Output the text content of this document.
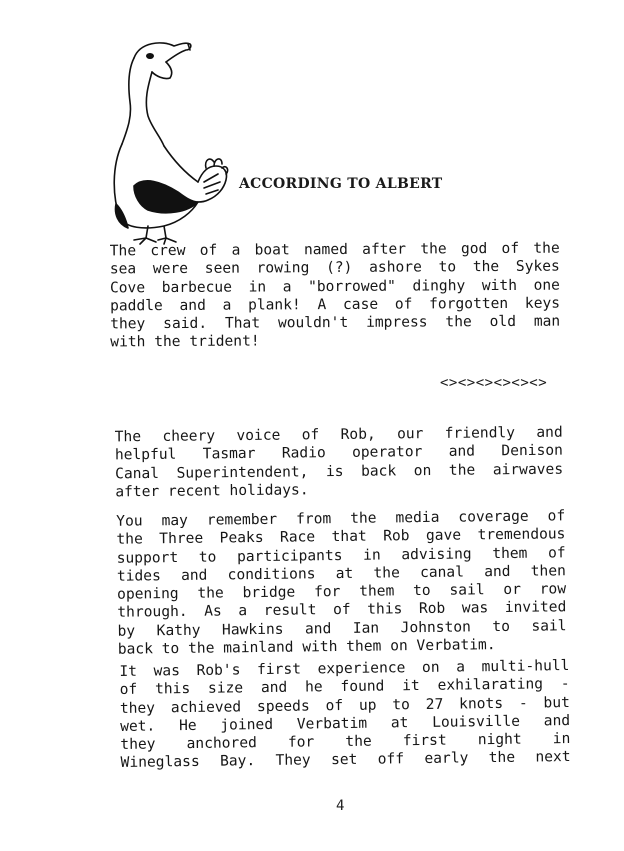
ACCORDING TO ALBERT

The crew of a boat named after the god of the
sea were seen rowing (?) ashore to the Sykes
Cove barbecue in a "borrowed" dinghy with one
paddle and a plank! A case of forgotten keys
they said. That wouldn't impress the old man
with the trident!

<><><><><><>

The cheery voice of Rob, our friendly and
helpful Tasmar Radio operator and Denison
Canal Superintendent, is back on the airwaves
after recent holidays.

You may remember from the media coverage of
the Three Peaks Race that Rob gave tremendous
support to participants in advising them of
tides and conditions at the canal and then
opening the bridge for them to sail or row
through. As a result of this Rob was invited
by Kathy Hawkins and Ian Johnston to sail
back to the mainland with them on Verbatim.

It was Rob's first experience on a multi-hull
of this size and he found it exhilarating -
they achieved speeds of up to 27 knots - but
wet. He joined Verbatim at Louisville and
they anchored for the first night in
Wineglass Bay. They set off early the next

4
